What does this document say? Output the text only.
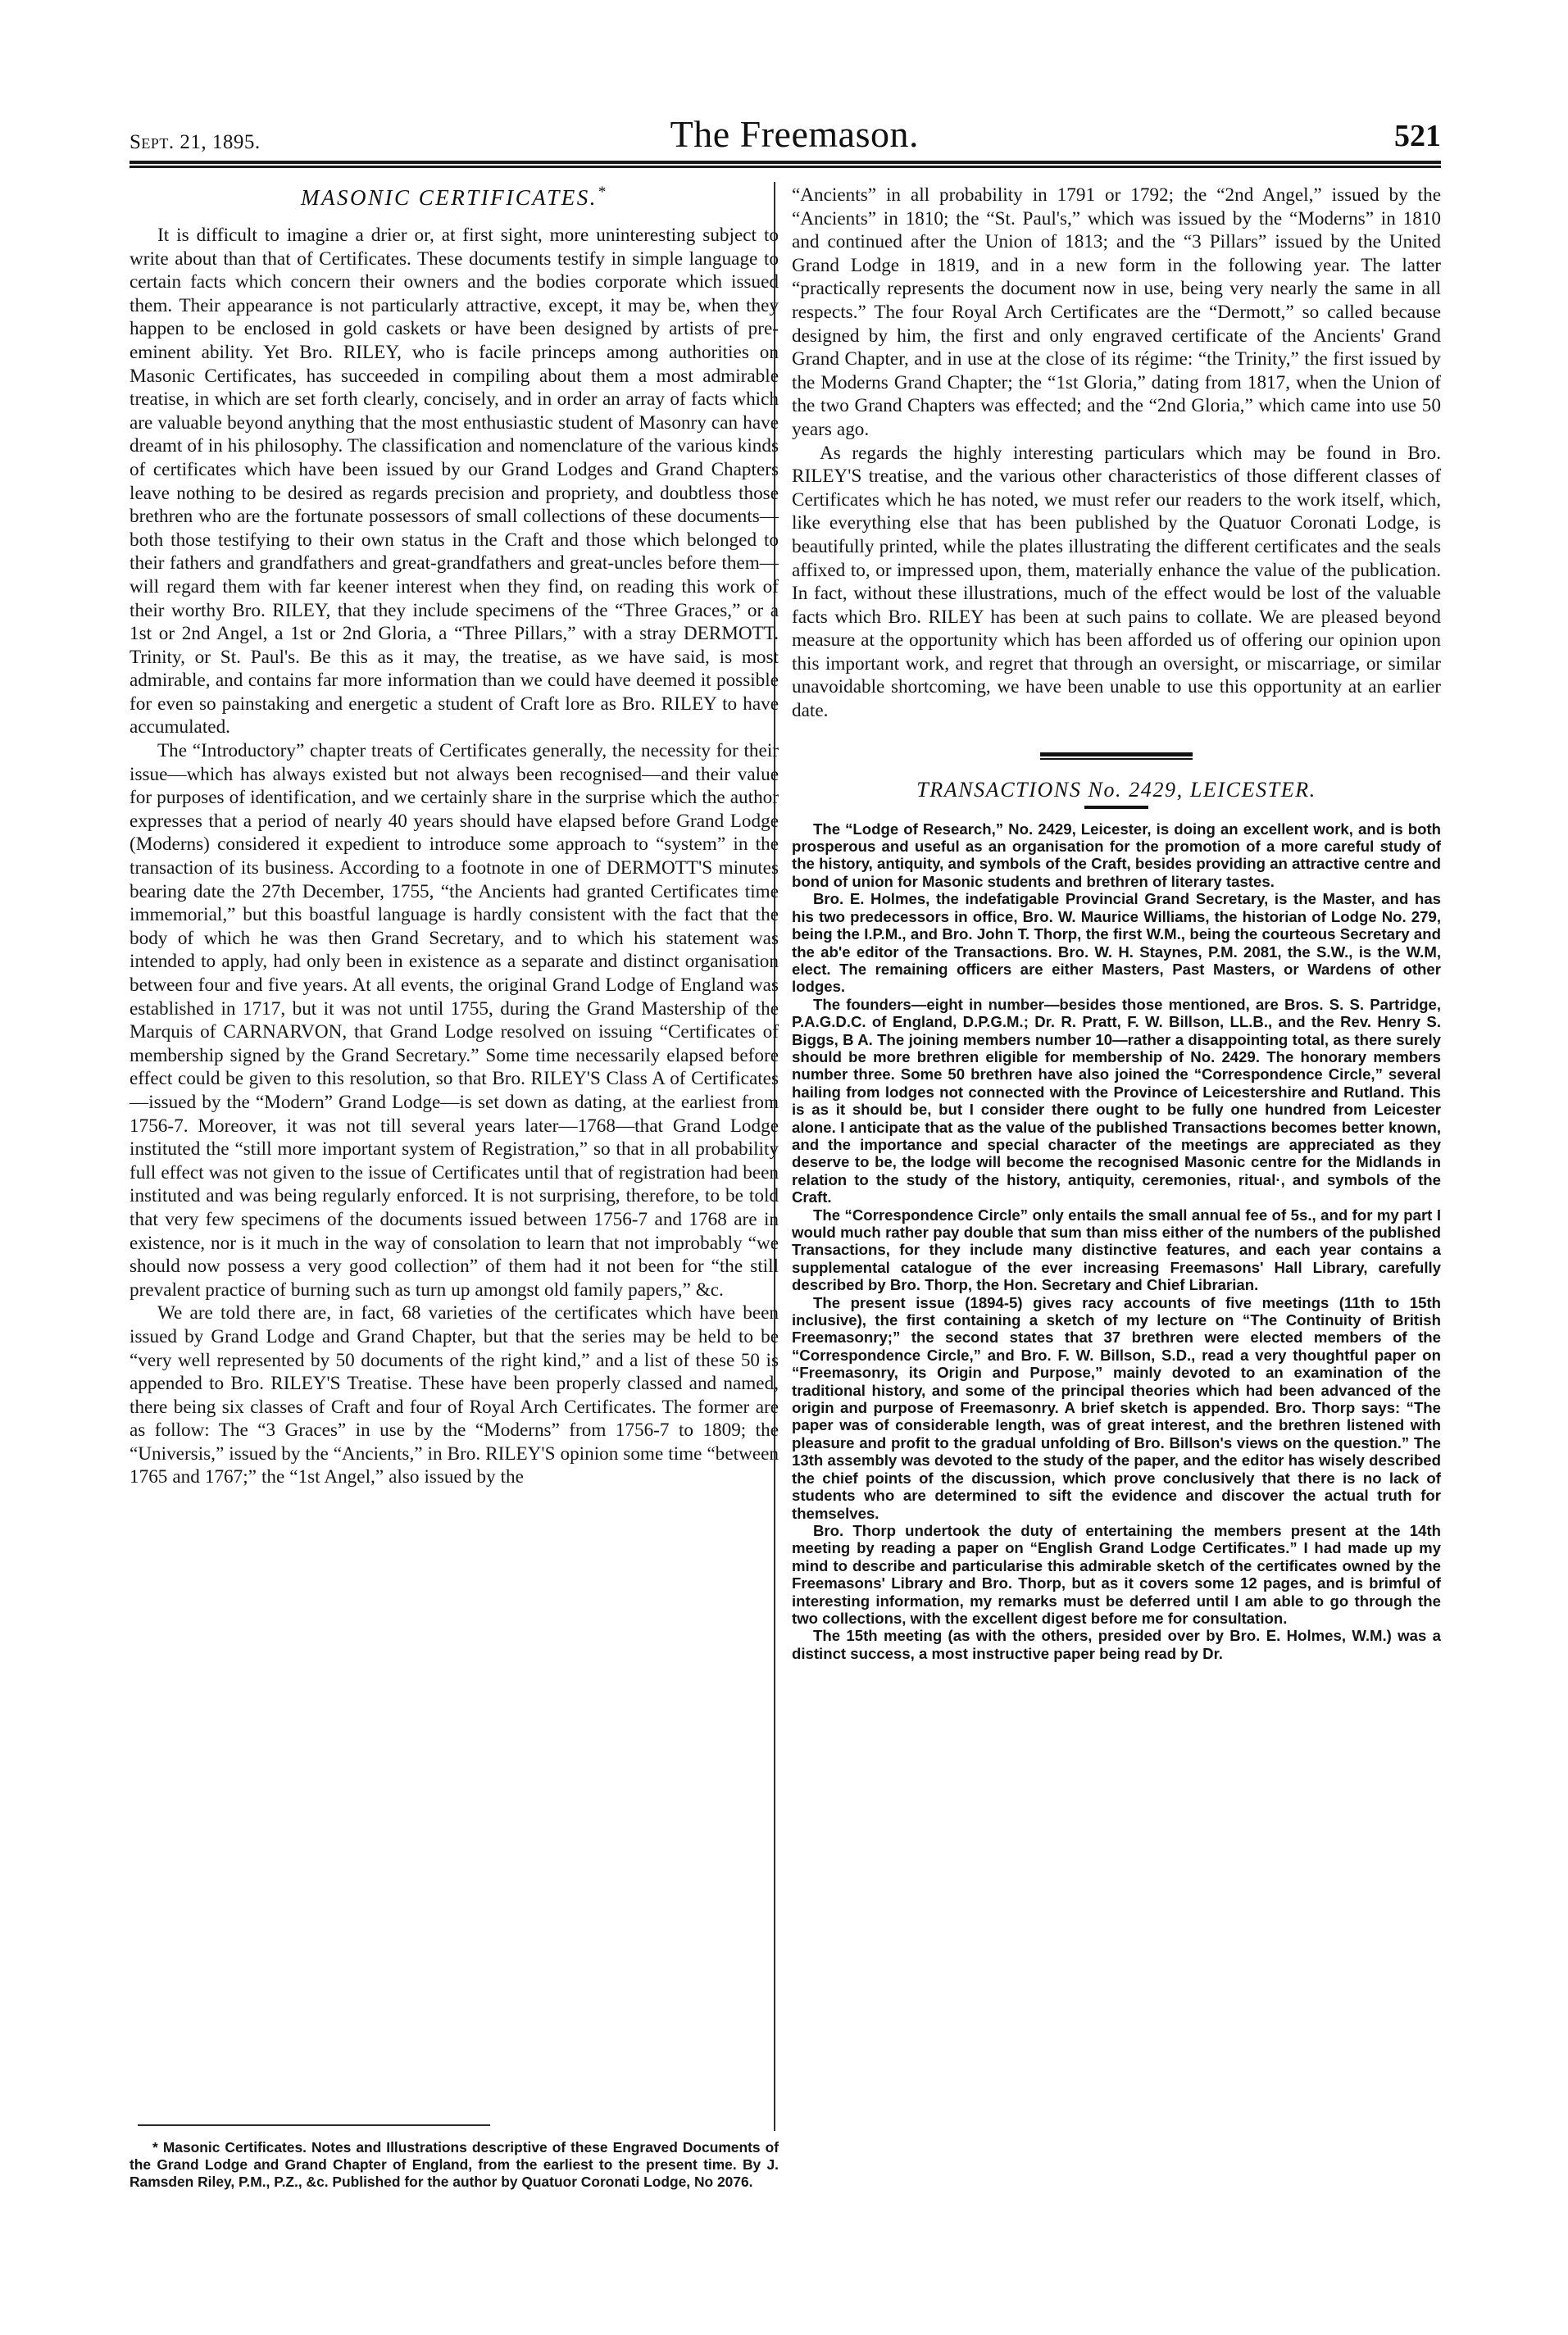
Sept. 21, 1895.	The Freemason.	521
MASONIC CERTIFICATES.*

It is difficult to imagine a drier or, at first sight, more uninteresting subject to write about than that of Certificates. These documents testify in simple language to certain facts which concern their owners and the bodies corporate which issued them. Their appearance is not particularly attractive, except, it may be, when they happen to be enclosed in gold caskets or have been designed by artists of pre-eminent ability. Yet Bro. RILEY, who is facile princeps among authorities on Masonic Certificates, has succeeded in compiling about them a most admirable treatise, in which are set forth clearly, concisely, and in order an array of facts which are valuable beyond anything that the most enthusiastic student of Masonry can have dreamt of in his philosophy. The classification and nomenclature of the various kinds of certificates which have been issued by our Grand Lodges and Grand Chapters leave nothing to be desired as regards precision and propriety, and doubtless those brethren who are the fortunate possessors of small collections of these documents—both those testifying to their own status in the Craft and those which belonged to their fathers and grandfathers and great-grandfathers and great-uncles before them—will regard them with far keener interest when they find, on reading this work of their worthy Bro. RILEY, that they include specimens of the “Three Graces,” or a 1st or 2nd Angel, a 1st or 2nd Gloria, a “Three Pillars,” with a stray DERMOTT. Trinity, or St. Paul's. Be this as it may, the treatise, as we have said, is most admirable, and contains far more information than we could have deemed it possible for even so painstaking and energetic a student of Craft lore as Bro. RILEY to have accumulated.

The “Introductory” chapter treats of Certificates generally, the necessity for their issue—which has always existed but not always been recognised—and their value for purposes of identification, and we certainly share in the surprise which the author expresses that a period of nearly 40 years should have elapsed before Grand Lodge (Moderns) considered it expedient to introduce some approach to “system” in the transaction of its business. According to a footnote in one of DERMOTT'S minutes bearing date the 27th December, 1755, “the Ancients had granted Certificates time immemorial,” but this boastful language is hardly consistent with the fact that the body of which he was then Grand Secretary, and to which his statement was intended to apply, had only been in existence as a separate and distinct organisation between four and five years. At all events, the original Grand Lodge of England was established in 1717, but it was not until 1755, during the Grand Mastership of the Marquis of CARNARVON, that Grand Lodge resolved on issuing “Certificates of membership signed by the Grand Secretary.” Some time necessarily elapsed before effect could be given to this resolution, so that Bro. RILEY'S Class A of Certificates—issued by the “Modern” Grand Lodge—is set down as dating, at the earliest from 1756-7. Moreover, it was not till several years later—1768—that Grand Lodge instituted the “still more important system of Registration,” so that in all probability full effect was not given to the issue of Certificates until that of registration had been instituted and was being regularly enforced. It is not surprising, therefore, to be told that very few specimens of the documents issued between 1756-7 and 1768 are in existence, nor is it much in the way of consolation to learn that not improbably “we should now possess a very good collection” of them had it not been for “the still prevalent practice of burning such as turn up amongst old family papers,” &c.

We are told there are, in fact, 68 varieties of the certificates which have been issued by Grand Lodge and Grand Chapter, but that the series may be held to be “very well represented by 50 documents of the right kind,” and a list of these 50 is appended to Bro. RILEY'S Treatise. These have been properly classed and named, there being six classes of Craft and four of Royal Arch Certificates. The former are as follow: The “3 Graces” in use by the “Moderns” from 1756-7 to 1809; the “Universis,” issued by the “Ancients,” in Bro. RILEY'S opinion some time “between 1765 and 1767;” the “1st Angel,” also issued by the

* Masonic Certificates. Notes and Illustrations descriptive of these Engraved Documents of the Grand Lodge and Grand Chapter of England, from the earliest to the present time. By J. Ramsden Riley, P.M., P.Z., &c. Published for the author by Quatuor Coronati Lodge, No 2076.

“Ancients” in all probability in 1791 or 1792; the “2nd Angel,” issued by the “Ancients” in 1810; the “St. Paul's,” which was issued by the “Moderns” in 1810 and continued after the Union of 1813; and the “3 Pillars” issued by the United Grand Lodge in 1819, and in a new form in the following year. The latter “practically represents the document now in use, being very nearly the same in all respects.” The four Royal Arch Certificates are the “Dermott,” so called because designed by him, the first and only engraved certificate of the Ancients' Grand Grand Chapter, and in use at the close of its régime: “the Trinity,” the first issued by the Moderns Grand Chapter; the “1st Gloria,” dating from 1817, when the Union of the two Grand Chapters was effected; and the “2nd Gloria,” which came into use 50 years ago.

As regards the highly interesting particulars which may be found in Bro. RILEY'S treatise, and the various other characteristics of those different classes of Certificates which he has noted, we must refer our readers to the work itself, which, like everything else that has been published by the Quatuor Coronati Lodge, is beautifully printed, while the plates illustrating the different certificates and the seals affixed to, or impressed upon, them, materially enhance the value of the publication. In fact, without these illustrations, much of the effect would be lost of the valuable facts which Bro. RILEY has been at such pains to collate. We are pleased beyond measure at the opportunity which has been afforded us of offering our opinion upon this important work, and regret that through an oversight, or miscarriage, or similar unavoidable shortcoming, we have been unable to use this opportunity at an earlier date.

TRANSACTIONS No. 2429, LEICESTER.

The “Lodge of Research,” No. 2429, Leicester, is doing an excellent work, and is both prosperous and useful as an organisation for the promotion of a more careful study of the history, antiquity, and symbols of the Craft, besides providing an attractive centre and bond of union for Masonic students and brethren of literary tastes.

Bro. E. Holmes, the indefatigable Provincial Grand Secretary, is the Master, and has his two predecessors in office, Bro. W. Maurice Williams, the historian of Lodge No. 279, being the I.P.M., and Bro. John T. Thorp, the first W.M., being the courteous Secretary and the ab'e editor of the Transactions. Bro. W. H. Staynes, P.M. 2081, the S.W., is the W.M, elect. The remaining officers are either Masters, Past Masters, or Wardens of other lodges.

The founders—eight in number—besides those mentioned, are Bros. S. S. Partridge, P.A.G.D.C. of England, D.P.G.M.; Dr. R. Pratt, F. W. Billson, LL.B., and the Rev. Henry S. Biggs, B A. The joining members number 10—rather a disappointing total, as there surely should be more brethren eligible for membership of No. 2429. The honorary members number three. Some 50 brethren have also joined the “Correspondence Circle,” several hailing from lodges not connected with the Province of Leicestershire and Rutland. This is as it should be, but I consider there ought to be fully one hundred from Leicester alone. I anticipate that as the value of the published Transactions becomes better known, and the importance and special character of the meetings are appreciated as they deserve to be, the lodge will become the recognised Masonic centre for the Midlands in relation to the study of the history, antiquity, ceremonies, ritual·, and symbols of the Craft.

The “Correspondence Circle” only entails the small annual fee of 5s., and for my part I would much rather pay double that sum than miss either of the numbers of the published Transactions, for they include many distinctive features, and each year contains a supplemental catalogue of the ever increasing Freemasons' Hall Library, carefully described by Bro. Thorp, the Hon. Secretary and Chief Librarian.

The present issue (1894-5) gives racy accounts of five meetings (11th to 15th inclusive), the first containing a sketch of my lecture on “The Continuity of British Freemasonry;” the second states that 37 brethren were elected members of the “Correspondence Circle,” and Bro. F. W. Billson, S.D., read a very thoughtful paper on “Freemasonry, its Origin and Purpose,” mainly devoted to an examination of the traditional history, and some of the principal theories which had been advanced of the origin and purpose of Freemasonry. A brief sketch is appended. Bro. Thorp says: “The paper was of considerable length, was of great interest, and the brethren listened with pleasure and profit to the gradual unfolding of Bro. Billson's views on the question.” The 13th assembly was devoted to the study of the paper, and the editor has wisely described the chief points of the discussion, which prove conclusively that there is no lack of students who are determined to sift the evidence and discover the actual truth for themselves.

Bro. Thorp undertook the duty of entertaining the members present at the 14th meeting by reading a paper on “English Grand Lodge Certificates.” I had made up my mind to describe and particularise this admirable sketch of the certificates owned by the Freemasons' Library and Bro. Thorp, but as it covers some 12 pages, and is brimful of interesting information, my remarks must be deferred until I am able to go through the two collections, with the excellent digest before me for consultation.

The 15th meeting (as with the others, presided over by Bro. E. Holmes, W.M.) was a distinct success, a most instructive paper being read by Dr.
